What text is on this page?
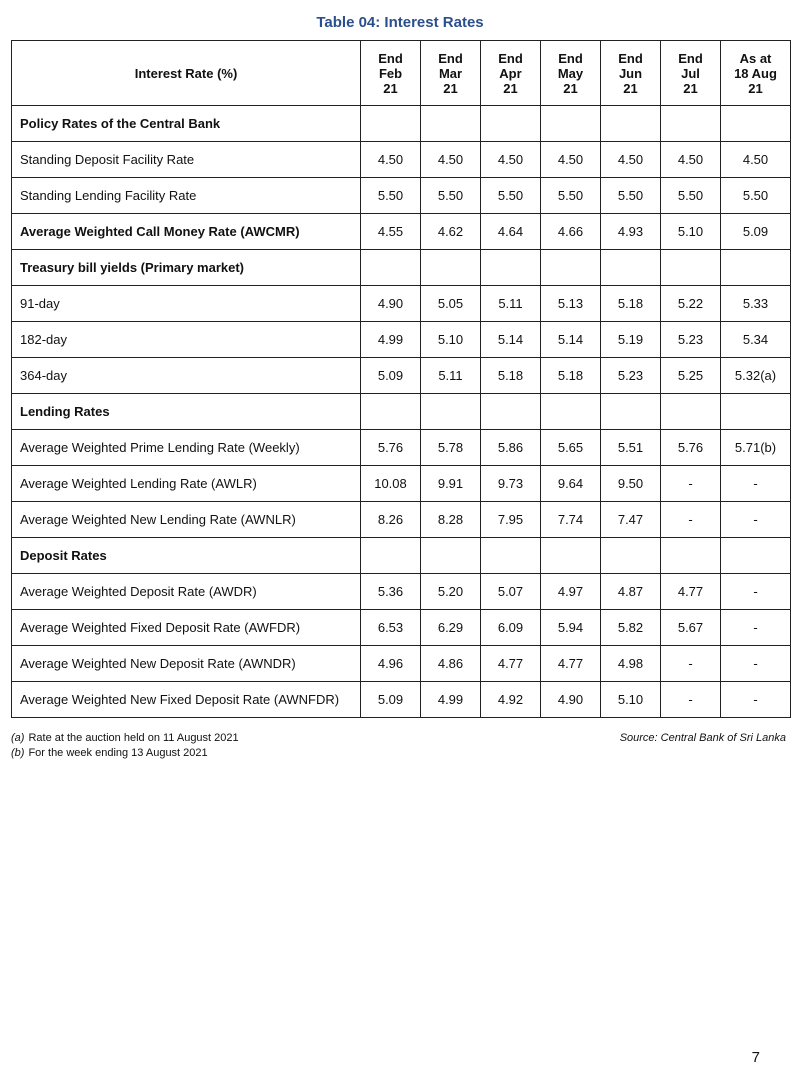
Table 04: Interest Rates
Interest Rate (%)	End
Feb
21	End
Mar
21	End
Apr
21	End
May
21	End
Jun
21	End
Jul
21	As at
18 Aug
21

Policy Rates of the Central Bank							
Standing Deposit Facility Rate	4.50	4.50	4.50	4.50	4.50	4.50	4.50
Standing Lending Facility Rate	5.50	5.50	5.50	5.50	5.50	5.50	5.50
Average Weighted Call Money Rate (AWCMR)	4.55	4.62	4.64	4.66	4.93	5.10	5.09
Treasury bill yields (Primary market)							
91-day	4.90	5.05	5.11	5.13	5.18	5.22	5.33
182-day	4.99	5.10	5.14	5.14	5.19	5.23	5.34
364-day	5.09	5.11	5.18	5.18	5.23	5.25	5.32(a)
Lending Rates							
Average Weighted Prime Lending Rate (Weekly)	5.76	5.78	5.86	5.65	5.51	5.76	5.71(b)
Average Weighted Lending Rate (AWLR)	10.08	9.91	9.73	9.64	9.50	-	-
Average Weighted New Lending Rate (AWNLR)	8.26	8.28	7.95	7.74	7.47	-	-
Deposit Rates							
Average Weighted Deposit Rate (AWDR)	5.36	5.20	5.07	4.97	4.87	4.77	-
Average Weighted Fixed Deposit Rate (AWFDR)	6.53	6.29	6.09	5.94	5.82	5.67	-
Average Weighted New Deposit Rate (AWNDR)	4.96	4.86	4.77	4.77	4.98	-	-
Average Weighted New Fixed Deposit Rate (AWNFDR)	5.09	4.99	4.92	4.90	5.10	-	-
(a) Rate at the auction held on 11 August 2021
(b) For the week ending 13 August 2021
Source: Central Bank of Sri Lanka
7
